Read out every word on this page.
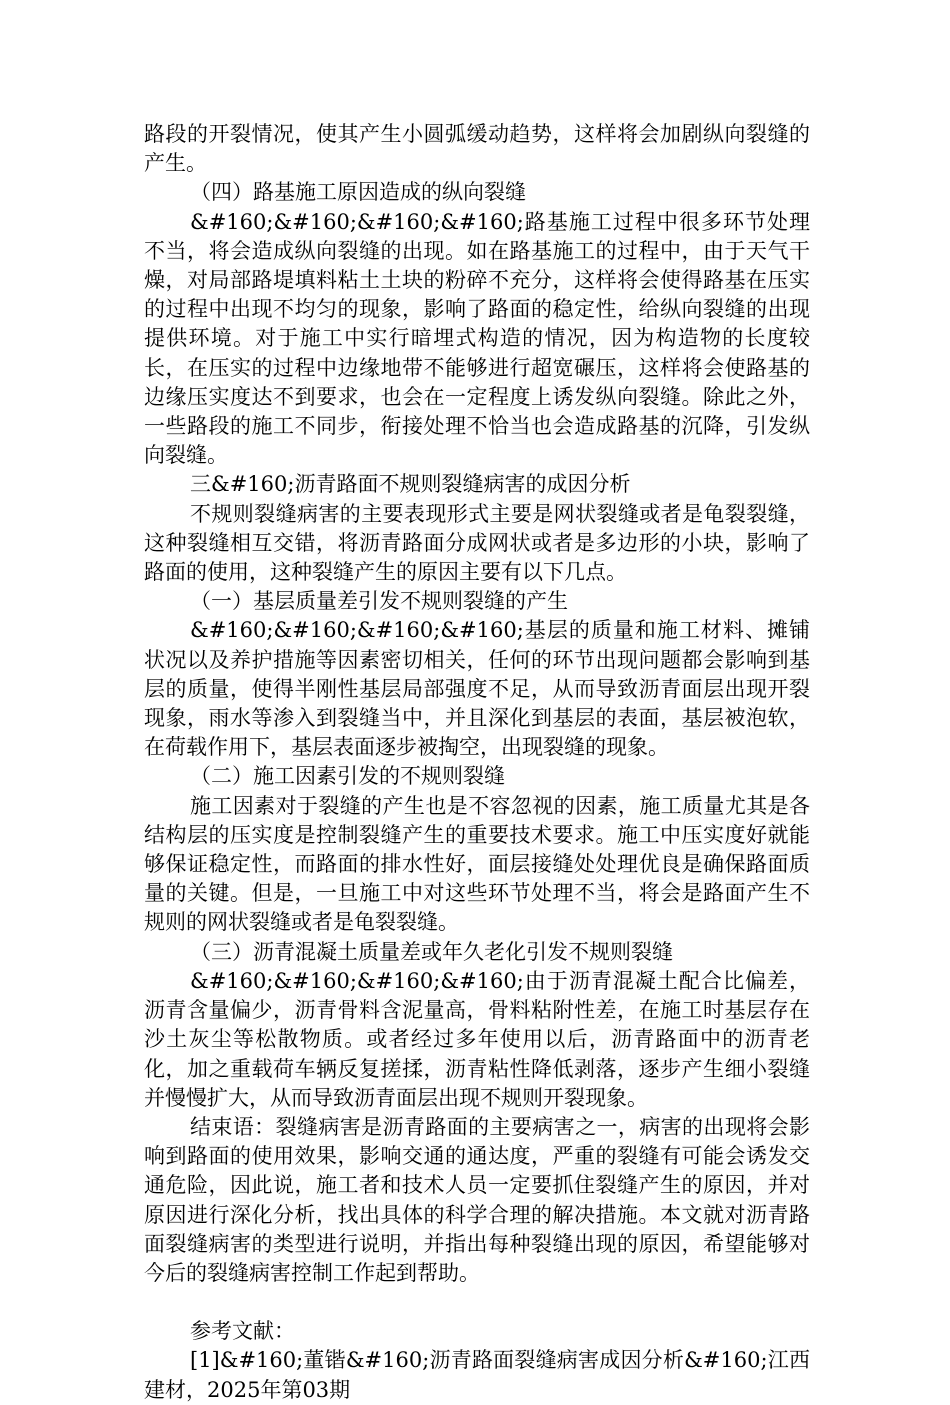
路段的开裂情况，使其产生小圆弧缓动趋势，这样将会加剧纵向裂缝的产生。

（四）路基施工原因造成的纵向裂缝

&#160;&#160;&#160;&#160;路基施工过程中很多环节处理不当，将会造成纵向裂缝的出现。如在路基施工的过程中，由于天气干燥，对局部路堤填料粘土土块的粉碎不充分，这样将会使得路基在压实的过程中出现不均匀的现象，影响了路面的稳定性，给纵向裂缝的出现提供环境。对于施工中实行暗埋式构造的情况，因为构造物的长度较长，在压实的过程中边缘地带不能够进行超宽碾压，这样将会使路基的边缘压实度达不到要求，也会在一定程度上诱发纵向裂缝。除此之外，一些路段的施工不同步，衔接处理不恰当也会造成路基的沉降，引发纵向裂缝。

三&#160;沥青路面不规则裂缝病害的成因分析

不规则裂缝病害的主要表现形式主要是网状裂缝或者是龟裂裂缝，这种裂缝相互交错，将沥青路面分成网状或者是多边形的小块，影响了路面的使用，这种裂缝产生的原因主要有以下几点。

（一）基层质量差引发不规则裂缝的产生

&#160;&#160;&#160;&#160;基层的质量和施工材料、摊铺状况以及养护措施等因素密切相关，任何的环节出现问题都会影响到基层的质量，使得半刚性基层局部强度不足，从而导致沥青面层出现开裂现象，雨水等渗入到裂缝当中，并且深化到基层的表面，基层被泡软，在荷载作用下，基层表面逐步被掏空，出现裂缝的现象。

（二）施工因素引发的不规则裂缝

施工因素对于裂缝的产生也是不容忽视的因素，施工质量尤其是各结构层的压实度是控制裂缝产生的重要技术要求。施工中压实度好就能够保证稳定性，而路面的排水性好，面层接缝处处理优良是确保路面质量的关键。但是，一旦施工中对这些环节处理不当，将会是路面产生不规则的网状裂缝或者是龟裂裂缝。

（三）沥青混凝土质量差或年久老化引发不规则裂缝

&#160;&#160;&#160;&#160;由于沥青混凝土配合比偏差，沥青含量偏少，沥青骨料含泥量高，骨料粘附性差，在施工时基层存在沙土灰尘等松散物质。或者经过多年使用以后，沥青路面中的沥青老化，加之重载荷车辆反复搓揉，沥青粘性降低剥落，逐步产生细小裂缝并慢慢扩大，从而导致沥青面层出现不规则开裂现象。

结束语：裂缝病害是沥青路面的主要病害之一，病害的出现将会影响到路面的使用效果，影响交通的通达度，严重的裂缝有可能会诱发交通危险，因此说，施工者和技术人员一定要抓住裂缝产生的原因，并对原因进行深化分析，找出具体的科学合理的解决措施。本文就对沥青路面裂缝病害的类型进行说明，并指出每种裂缝出现的原因，希望能够对今后的裂缝病害控制工作起到帮助。

参考文献：

[1]&#160;董锴&#160;沥青路面裂缝病害成因分析&#160;江西建材，2025年第03期
